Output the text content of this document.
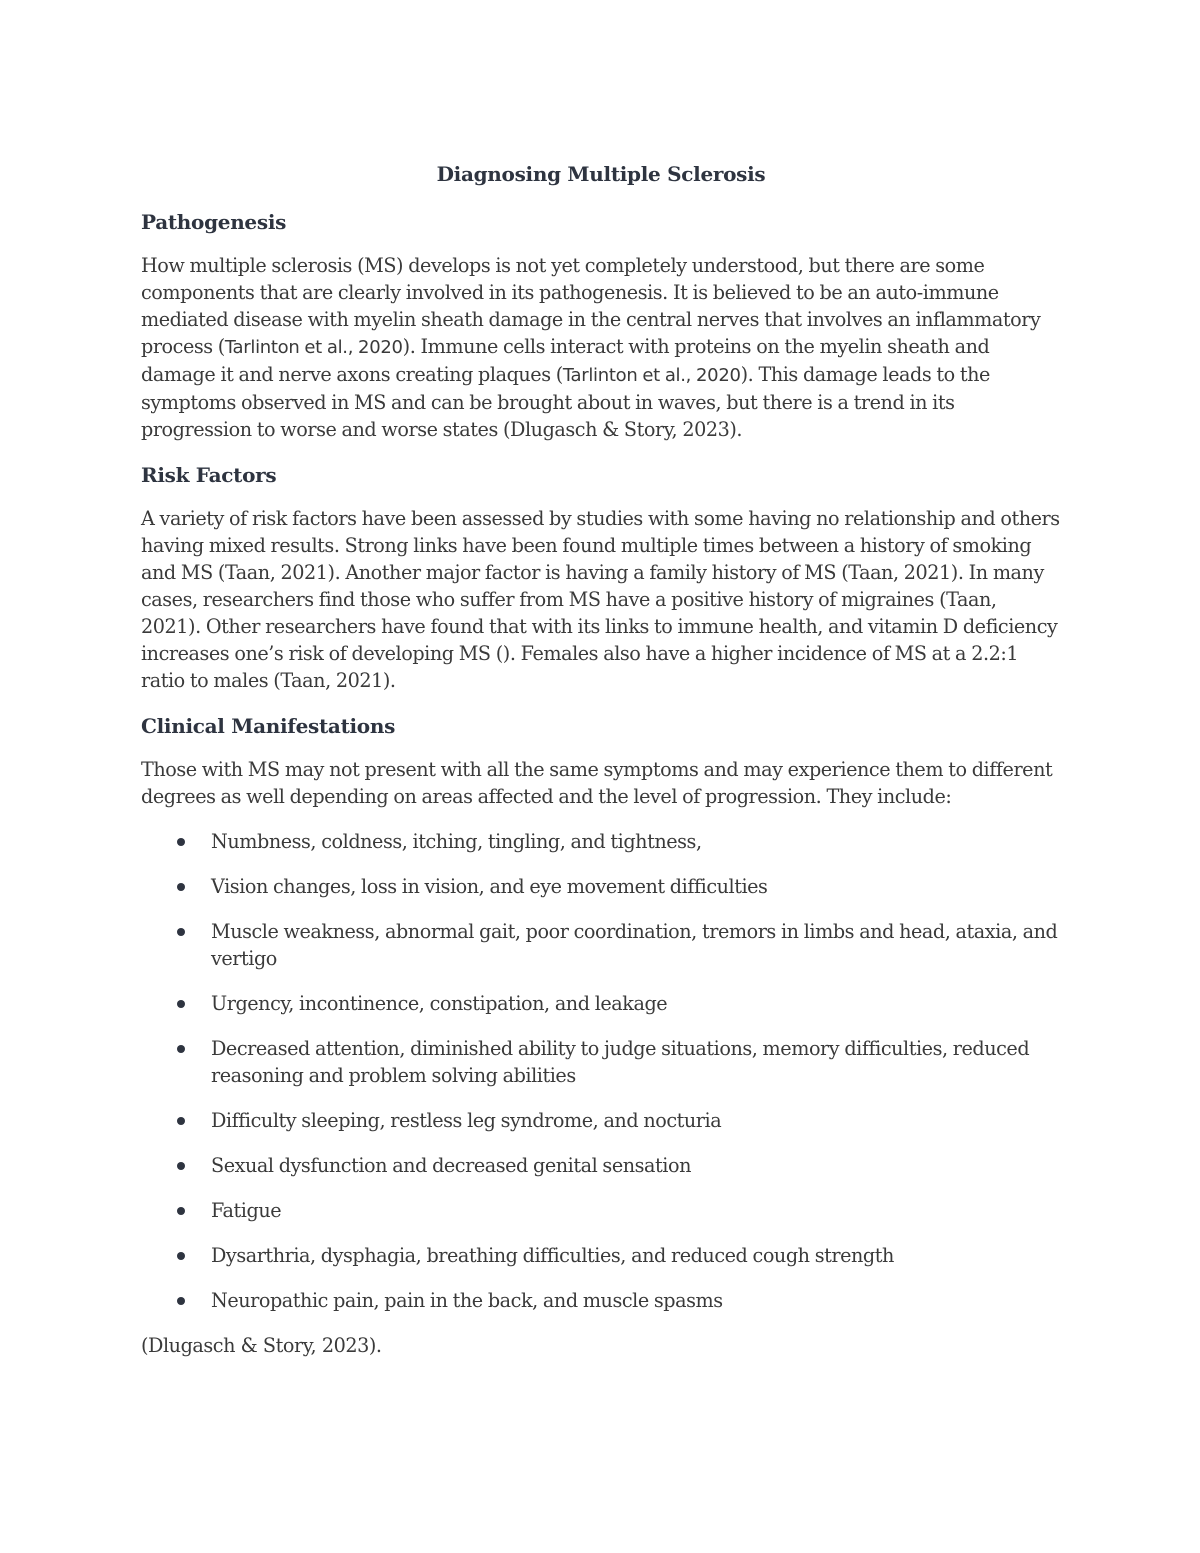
Diagnosing Multiple Sclerosis
Pathogenesis

How multiple sclerosis (MS) develops is not yet completely understood, but there are some components that are clearly involved in its pathogenesis. It is believed to be an auto-immune mediated disease with myelin sheath damage in the central nerves that involves an inflammatory process (Tarlinton et al., 2020). Immune cells interact with proteins on the myelin sheath and damage it and nerve axons creating plaques (Tarlinton et al., 2020). This damage leads to the symptoms observed in MS and can be brought about in waves, but there is a trend in its progression to worse and worse states (Dlugasch & Story, 2023).

Risk Factors

A variety of risk factors have been assessed by studies with some having no relationship and others having mixed results. Strong links have been found multiple times between a history of smoking and MS (Taan, 2021). Another major factor is having a family history of MS (Taan, 2021). In many cases, researchers find those who suffer from MS have a positive history of migraines (Taan, 2021). Other researchers have found that with its links to immune health, and vitamin D deficiency increases one’s risk of developing MS (). Females also have a higher incidence of MS at a 2.2:1 ratio to males (Taan, 2021).

Clinical Manifestations

Those with MS may not present with all the same symptoms and may experience them to different degrees as well depending on areas affected and the level of progression. They include:

Numbness, coldness, itching, tingling, and tightness,
Vision changes, loss in vision, and eye movement difficulties
Muscle weakness, abnormal gait, poor coordination, tremors in limbs and head, ataxia, and vertigo
Urgency, incontinence, constipation, and leakage
Decreased attention, diminished ability to judge situations, memory difficulties, reduced reasoning and problem solving abilities
Difficulty sleeping, restless leg syndrome, and nocturia
Sexual dysfunction and decreased genital sensation
Fatigue
Dysarthria, dysphagia, breathing difficulties, and reduced cough strength
Neuropathic pain, pain in the back, and muscle spasms

(Dlugasch & Story, 2023).
